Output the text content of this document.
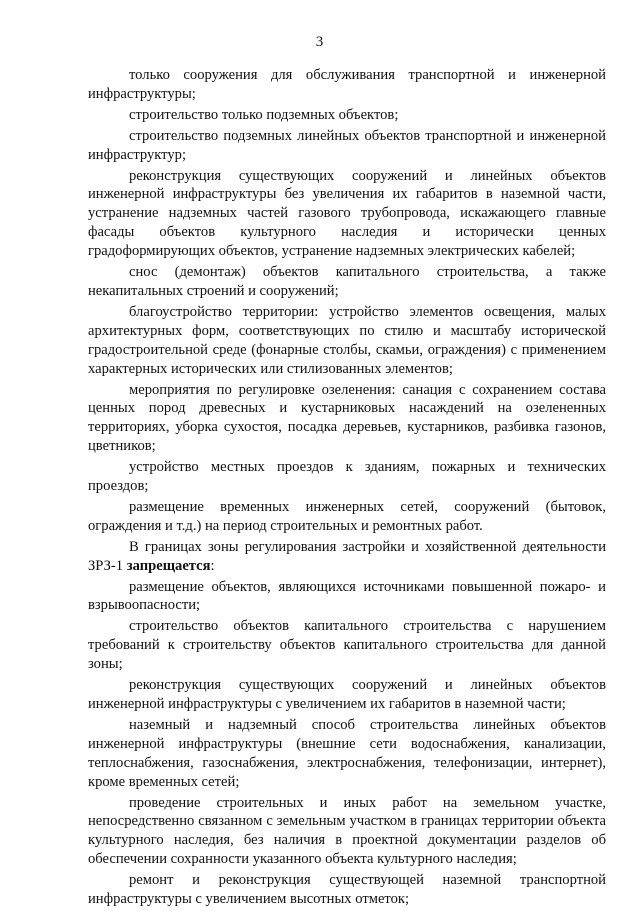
3

только сооружения для обслуживания транспортной и инженерной инфраструктуры;

строительство только подземных объектов;

строительство подземных линейных объектов транспортной и инженерной инфраструктур;

реконструкция существующих сооружений и линейных объектов инженерной инфраструктуры без увеличения их габаритов в наземной части, устранение надземных частей газового трубопровода, искажающего главные фасады объектов культурного наследия и исторически ценных градоформирующих объектов, устранение надземных электрических кабелей;

снос (демонтаж) объектов капитального строительства, а также некапитальных строений и сооружений;

благоустройство территории: устройство элементов освещения, малых архитектурных форм, соответствующих по стилю и масштабу исторической градостроительной среде (фонарные столбы, скамьи, ограждения) с применением характерных исторических или стилизованных элементов;

мероприятия по регулировке озеленения: санация с сохранением состава ценных пород древесных и кустарниковых насаждений на озелененных территориях, уборка сухостоя, посадка деревьев, кустарников, разбивка газонов, цветников;

устройство местных проездов к зданиям, пожарных и технических проездов;

размещение временных инженерных сетей, сооружений (бытовок, ограждения и т.д.) на период строительных и ремонтных работ.

В границах зоны регулирования застройки и хозяйственной деятельности ЗРЗ-1 запрещается:

размещение объектов, являющихся источниками повышенной пожаро- и взрывоопасности;

строительство объектов капитального строительства с нарушением требований к строительству объектов капитального строительства для данной зоны;

реконструкция существующих сооружений и линейных объектов инженерной инфраструктуры с увеличением их габаритов в наземной части;

наземный и надземный способ строительства линейных объектов инженерной инфраструктуры (внешние сети водоснабжения, канализации, теплоснабжения, газоснабжения, электроснабжения, телефонизации, интернет), кроме временных сетей;

проведение строительных и иных работ на земельном участке, непосредственно связанном с земельным участком в границах территории объекта культурного наследия, без наличия в проектной документации разделов об обеспечении сохранности указанного объекта культурного наследия;

ремонт и реконструкция существующей наземной транспортной инфраструктуры с увеличением высотных отметок;
